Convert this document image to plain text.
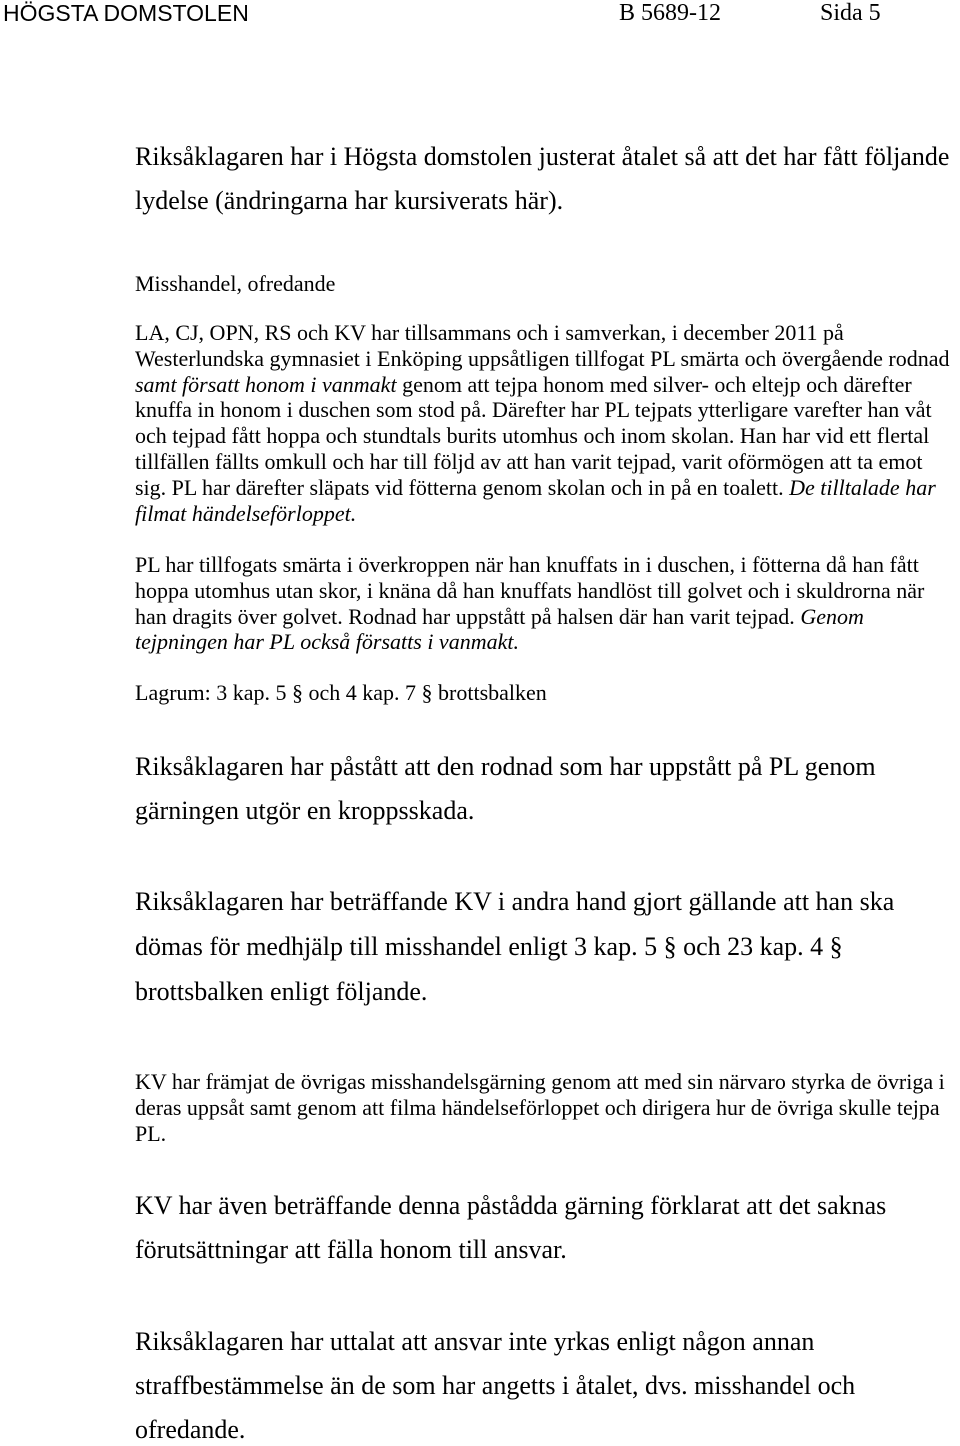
HÖGSTA DOMSTOLEN	B 5689-12	Sida 5
Riksåklagaren har i Högsta domstolen justerat åtalet så att det har fått följande
lydelse (ändringarna har kursiverats här).
Misshandel, ofredande
LA, CJ, OPN, RS och KV har tillsammans och i samverkan, i december 2011 på
Westerlundska gymnasiet i Enköping uppsåtligen tillfogat PL smärta och övergående rodnad
samt försatt honom i vanmakt genom att tejpa honom med silver- och eltejp och därefter
knuffa in honom i duschen som stod på. Därefter har PL tejpats ytterligare varefter han våt
och tejpad fått hoppa och stundtals burits utomhus och inom skolan. Han har vid ett flertal
tillfällen fällts omkull och har till följd av att han varit tejpad, varit oförmögen att ta emot
sig. PL har därefter släpats vid fötterna genom skolan och in på en toalett. De tilltalade har
filmat händelseförloppet.
PL har tillfogats smärta i överkroppen när han knuffats in i duschen, i fötterna då han fått
hoppa utomhus utan skor, i knäna då han knuffats handlöst till golvet och i skuldrorna när
han dragits över golvet. Rodnad har uppstått på halsen där han varit tejpad. Genom
tejpningen har PL också försatts i vanmakt.
Lagrum: 3 kap. 5 § och 4 kap. 7 § brottsbalken
Riksåklagaren har påstått att den rodnad som har uppstått på PL genom
gärningen utgör en kroppsskada.
Riksåklagaren har beträffande KV i andra hand gjort gällande att han ska
dömas för medhjälp till misshandel enligt 3 kap. 5 § och 23 kap. 4 §
brottsbalken enligt följande.
KV har främjat de övrigas misshandelsgärning genom att med sin närvaro styrka de övriga i
deras uppsåt samt genom att filma händelseförloppet och dirigera hur de övriga skulle tejpa
PL.
KV har även beträffande denna påstådda gärning förklarat att det saknas
förutsättningar att fälla honom till ansvar.
Riksåklagaren har uttalat att ansvar inte yrkas enligt någon annan
straffbestämmelse än de som har angetts i åtalet, dvs. misshandel och
ofredande.
